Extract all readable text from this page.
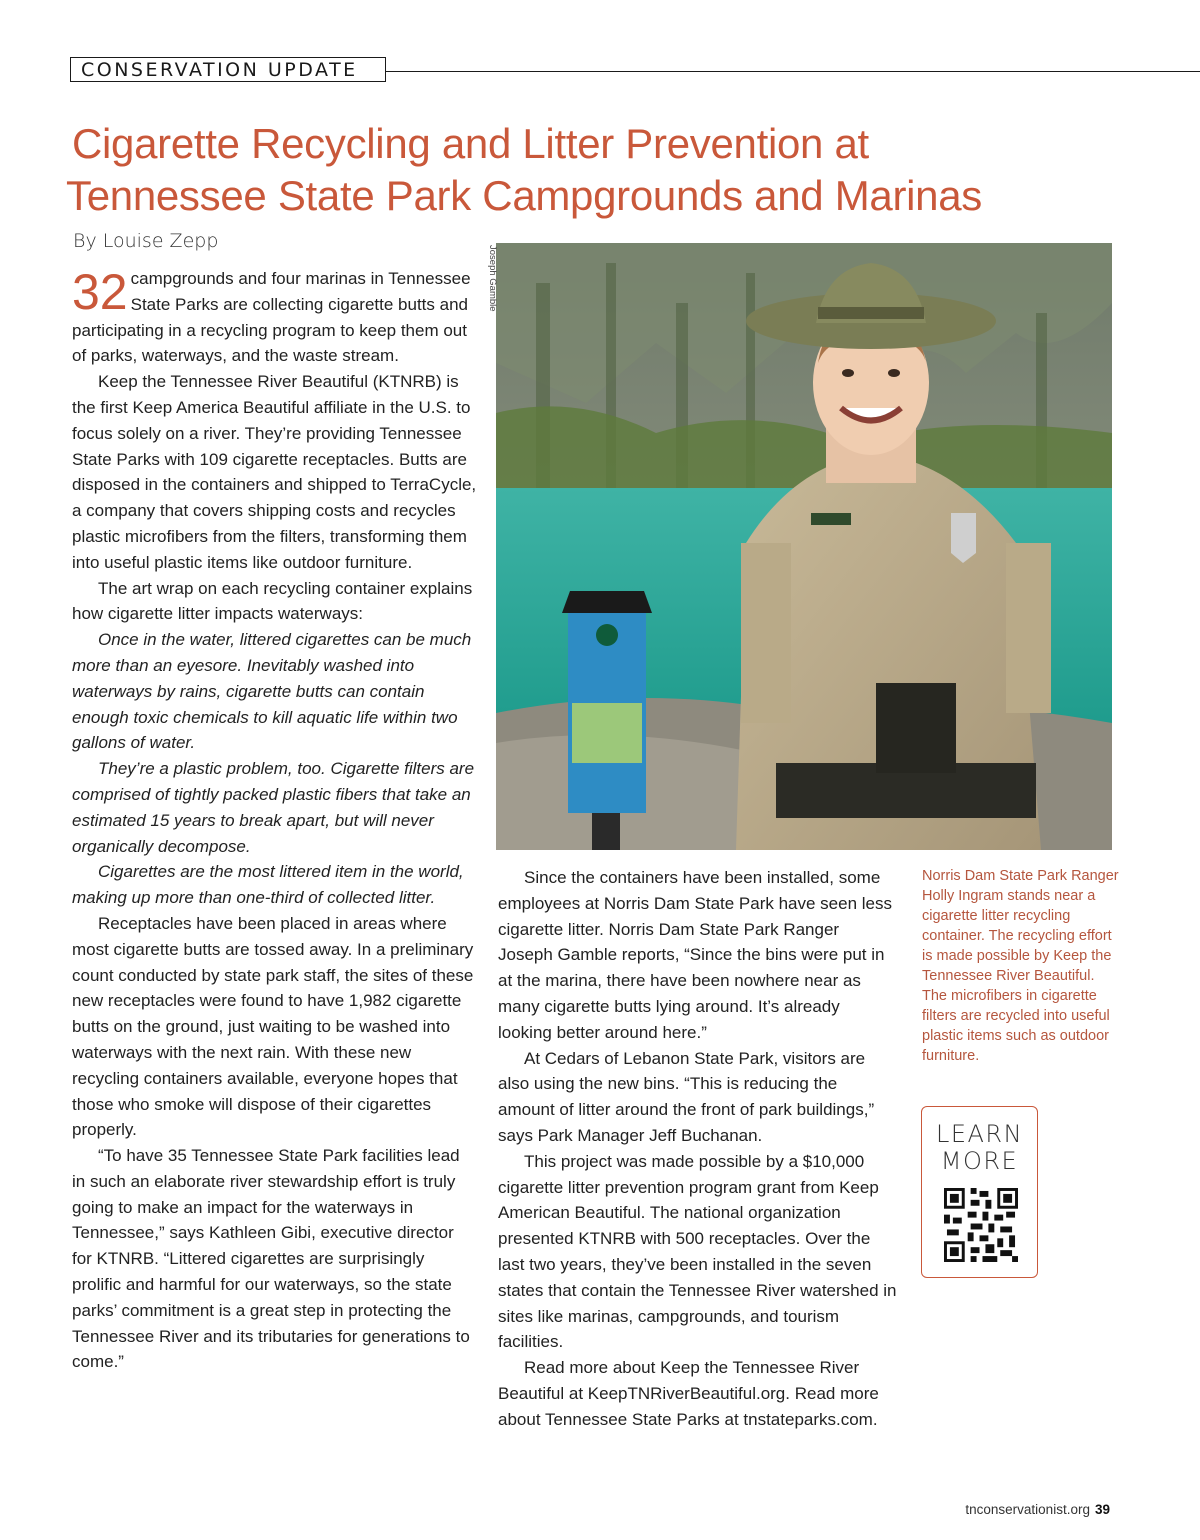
CONSERVATION UPDATE
Cigarette Recycling and Litter Prevention at
Tennessee State Park Campgrounds and Marinas
By Louise Zepp

32 campgrounds and four marinas in Tennessee State Parks are collecting cigarette butts and participating in a recycling program to keep them out of parks, waterways, and the waste stream.

Keep the Tennessee River Beautiful (KTNRB) is the first Keep America Beautiful affiliate in the U.S. to focus solely on a river. They’re providing Tennessee State Parks with 109 cigarette receptacles. Butts are disposed in the containers and shipped to TerraCycle, a company that covers shipping costs and recycles plastic microfibers from the filters, transforming them into useful plastic items like outdoor furniture.

The art wrap on each recycling container explains how cigarette litter impacts waterways:

Once in the water, littered cigarettes can be much more than an eyesore. Inevitably washed into waterways by rains, cigarette butts can contain enough toxic chemicals to kill aquatic life within two gallons of water.

They’re a plastic problem, too. Cigarette filters are comprised of tightly packed plastic fibers that take an estimated 15 years to break apart, but will never organically decompose.

Cigarettes are the most littered item in the world, making up more than one-third of collected litter.

Receptacles have been placed in areas where most cigarette butts are tossed away. In a preliminary count conducted by state park staff, the sites of these new receptacles were found to have 1,982 cigarette butts on the ground, just waiting to be washed into waterways with the next rain. With these new recycling containers available, everyone hopes that those who smoke will dispose of their cigarettes properly.

“To have 35 Tennessee State Park facilities lead in such an elaborate river stewardship effort is truly going to make an impact for the waterways in Tennessee,” says Kathleen Gibi, executive director for KTNRB. “Littered cigarettes are surprisingly prolific and harmful for our waterways, so the state parks’ commitment is a great step in protecting the Tennessee River and its tributaries for generations to come.”

Joseph Gamble

Since the containers have been installed, some employees at Norris Dam State Park have seen less cigarette litter. Norris Dam State Park Ranger Joseph Gamble reports, “Since the bins were put in at the marina, there have been nowhere near as many cigarette butts lying around. It’s already looking better around here.”

At Cedars of Lebanon State Park, visitors are also using the new bins. “This is reducing the amount of litter around the front of park buildings,” says Park Manager Jeff Buchanan.

This project was made possible by a $10,000 cigarette litter prevention program grant from Keep American Beautiful. The national organization presented KTNRB with 500 receptacles. Over the last two years, they’ve been installed in the seven states that contain the Tennessee River watershed in sites like marinas, campgrounds, and tourism facilities.

Read more about Keep the Tennessee River Beautiful at KeepTNRiverBeautiful.org. Read more about Tennessee State Parks at tnstateparks.com.

Norris Dam State Park Ranger Holly Ingram stands near a cigarette litter recycling container. The recycling effort is made possible by Keep the Tennessee River Beautiful. The microfibers in cigarette filters are recycled into useful plastic items such as outdoor furniture.
LEARN
MORE
tnconservationist.org 39
